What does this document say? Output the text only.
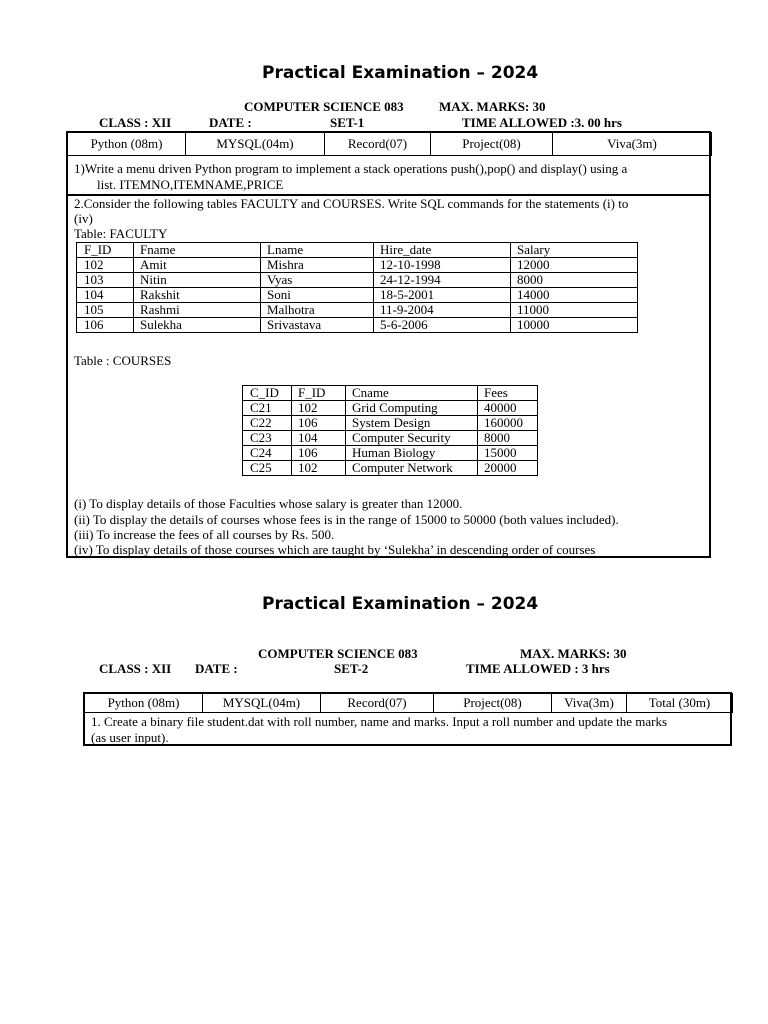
Practical Examination – 2024
COMPUTER SCIENCE 083	MAX. MARKS: 30
CLASS : XII	DATE :	SET-1	TIME ALLOWED :3. 00 hrs
Python (08m)	MYSQL(04m)	Record(07)	Project(08)	Viva(3m)
1)Write a menu driven Python program to implement a stack operations push(),pop() and display() using a
list. ITEMNO,ITEMNAME,PRICE
2.Consider the following tables FACULTY and COURSES. Write SQL commands for the statements (i) to
(iv)
Table: FACULTY
F_ID	Fname	Lname	Hire_date	Salary
102	Amit	Mishra	12-10-1998	12000
103	Nitin	Vyas	24-12-1994	8000
104	Rakshit	Soni	18-5-2001	14000
105	Rashmi	Malhotra	11-9-2004	11000
106	Sulekha	Srivastava	5-6-2006	10000
Table : COURSES
C_ID	F_ID	Cname	Fees
C21	102	Grid Computing	40000
C22	106	System Design	160000
C23	104	Computer Security	8000
C24	106	Human Biology	15000
C25	102	Computer Network	20000
(i) To display details of those Faculties whose salary is greater than 12000.
(ii) To display the details of courses whose fees is in the range of 15000 to 50000 (both values included).
(iii) To increase the fees of all courses by Rs. 500.
(iv) To display details of those courses which are taught by ‘Sulekha’ in descending order of courses
Practical Examination – 2024
COMPUTER SCIENCE 083	MAX. MARKS: 30
CLASS : XII DATE :	SET-2	TIME ALLOWED : 3 hrs
Python (08m)	MYSQL(04m)	Record(07)	Project(08)	Viva(3m)	Total (30m)
1. Create a binary file student.dat with roll number, name and marks. Input a roll number and update the marks
(as user input).
